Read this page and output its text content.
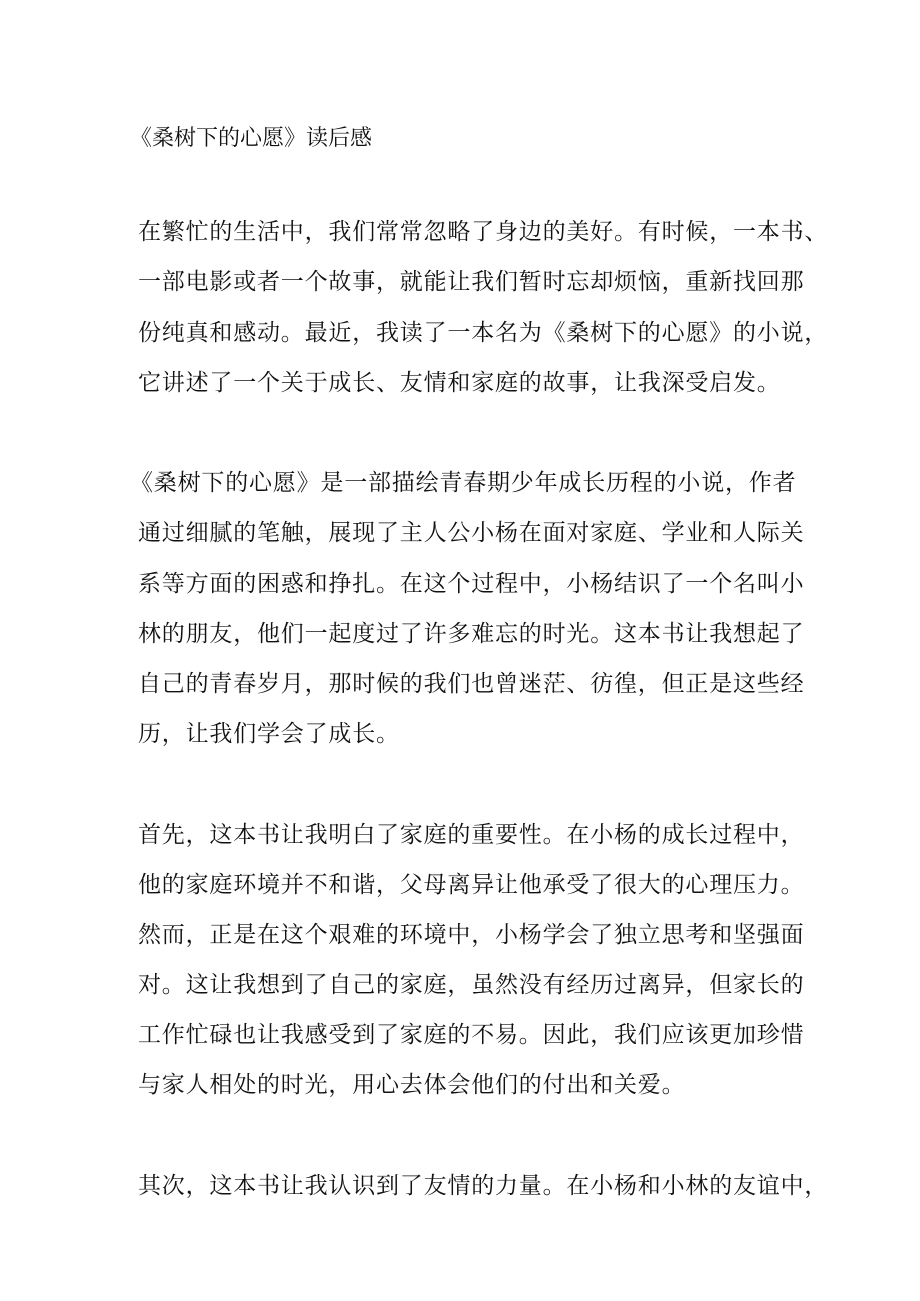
《桑树下的心愿》读后感

在繁忙的生活中，我们常常忽略了身边的美好。有时候，一本书、

一部电影或者一个故事，就能让我们暂时忘却烦恼，重新找回那

份纯真和感动。最近，我读了一本名为《桑树下的心愿》的小说，

它讲述了一个关于成长、友情和家庭的故事，让我深受启发。

《桑树下的心愿》是一部描绘青春期少年成长历程的小说，作者

通过细腻的笔触，展现了主人公小杨在面对家庭、学业和人际关

系等方面的困惑和挣扎。在这个过程中，小杨结识了一个名叫小

林的朋友，他们一起度过了许多难忘的时光。这本书让我想起了

自己的青春岁月，那时候的我们也曾迷茫、彷徨，但正是这些经

历，让我们学会了成长。

首先，这本书让我明白了家庭的重要性。在小杨的成长过程中，

他的家庭环境并不和谐，父母离异让他承受了很大的心理压力。

然而，正是在这个艰难的环境中，小杨学会了独立思考和坚强面

对。这让我想到了自己的家庭，虽然没有经历过离异，但家长的

工作忙碌也让我感受到了家庭的不易。因此，我们应该更加珍惜

与家人相处的时光，用心去体会他们的付出和关爱。

其次，这本书让我认识到了友情的力量。在小杨和小林的友谊中，
